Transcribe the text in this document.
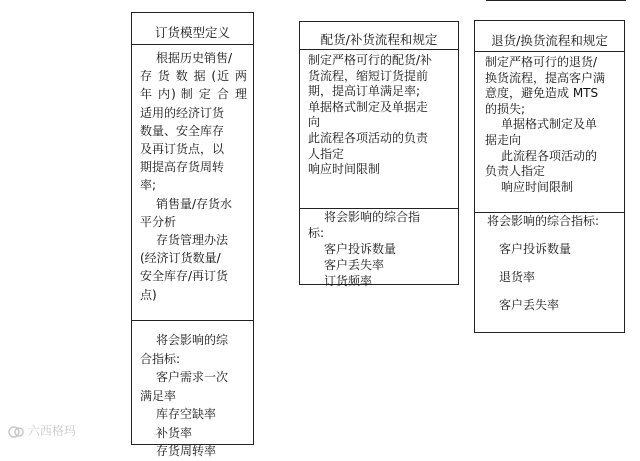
订货模型定义
根据历史销售/
存 货 数 据 (近 两
年 内) 制 定 合 理
适用的经济订货
数量、安全库存
及再订货点，以
期提高存货周转
率;
销售量/存货水
平分析
存货管理办法
(经济订货数量/
安全库存/再订货
点)
将会影响的综
合指标:
客户需求一次
满足率
库存空缺率
补货率
存货周转率
配货/补货流程和规定
制定严格可行的配货/补
货流程，缩短订货提前
期，提高订单满足率;
单据格式制定及单据走
向
此流程各项活动的负责
人指定
响应时间限制
将会影响的综合指
标:
客户投诉数量
客户丢失率
订货频率
退货/换货流程和规定
制定严格可行的退货/
换货流程，提高客户满
意度，避免造成 MTS
的损失;
单据格式制定及单
据走向
此流程各项活动的
负责人指定
响应时间限制
将会影响的综合指标:
客户投诉数量
退货率
客户丢失率
六西格玛
